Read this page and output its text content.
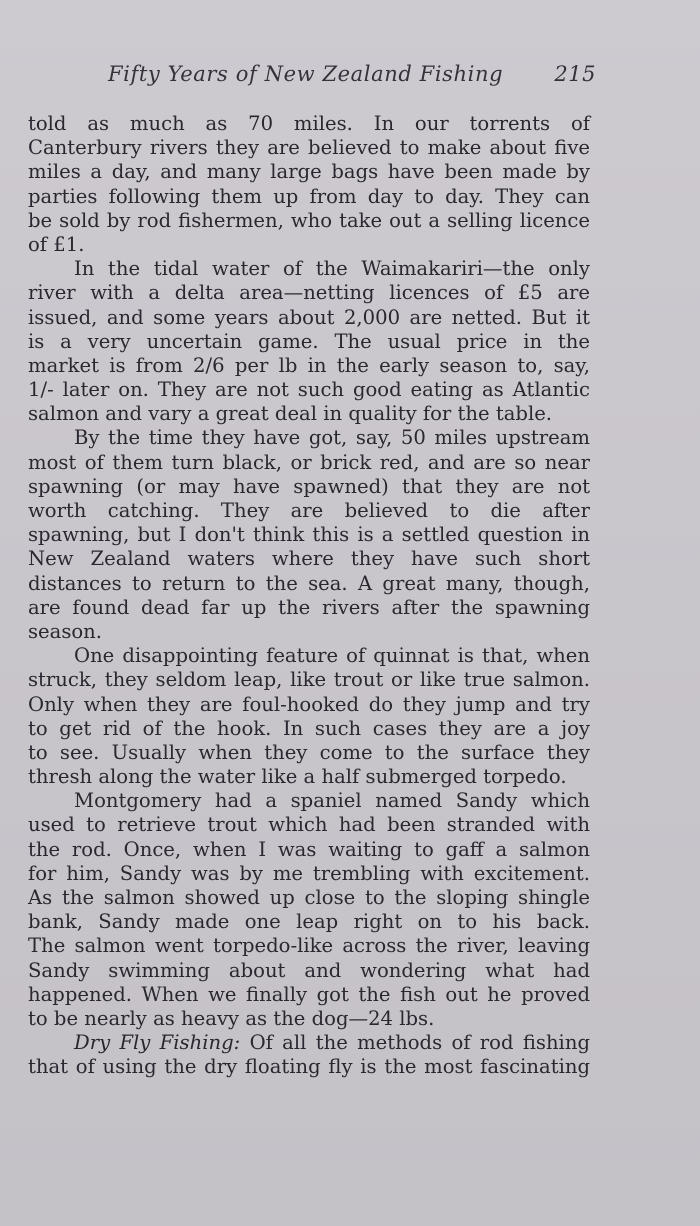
Fifty Years of New Zealand Fishing 215
told as much as 70 miles. In our torrents of
Canterbury rivers they are believed to make about five
miles a day, and many large bags have been made by
parties following them up from day to day. They can
be sold by rod fishermen, who take out a selling licence
of £1.
In the tidal water of the Waimakariri—the only
river with a delta area—netting licences of £5 are
issued, and some years about 2,000 are netted. But it
is a very uncertain game. The usual price in the
market is from 2/6 per lb in the early season to, say,
1/- later on. They are not such good eating as Atlantic
salmon and vary a great deal in quality for the table.
By the time they have got, say, 50 miles upstream
most of them turn black, or brick red, and are so near
spawning (or may have spawned) that they are not
worth catching. They are believed to die after
spawning, but I don't think this is a settled question in
New Zealand waters where they have such short
distances to return to the sea. A great many, though,
are found dead far up the rivers after the spawning
season.
One disappointing feature of quinnat is that, when
struck, they seldom leap, like trout or like true salmon.
Only when they are foul-hooked do they jump and try
to get rid of the hook. In such cases they are a joy
to see. Usually when they come to the surface they
thresh along the water like a half submerged torpedo.
Montgomery had a spaniel named Sandy which
used to retrieve trout which had been stranded with
the rod. Once, when I was waiting to gaff a salmon
for him, Sandy was by me trembling with excitement.
As the salmon showed up close to the sloping shingle
bank, Sandy made one leap right on to his back.
The salmon went torpedo-like across the river, leaving
Sandy swimming about and wondering what had
happened. When we finally got the fish out he proved
to be nearly as heavy as the dog—24 lbs.
Dry Fly Fishing: Of all the methods of rod fishing
that of using the dry floating fly is the most fascinating
